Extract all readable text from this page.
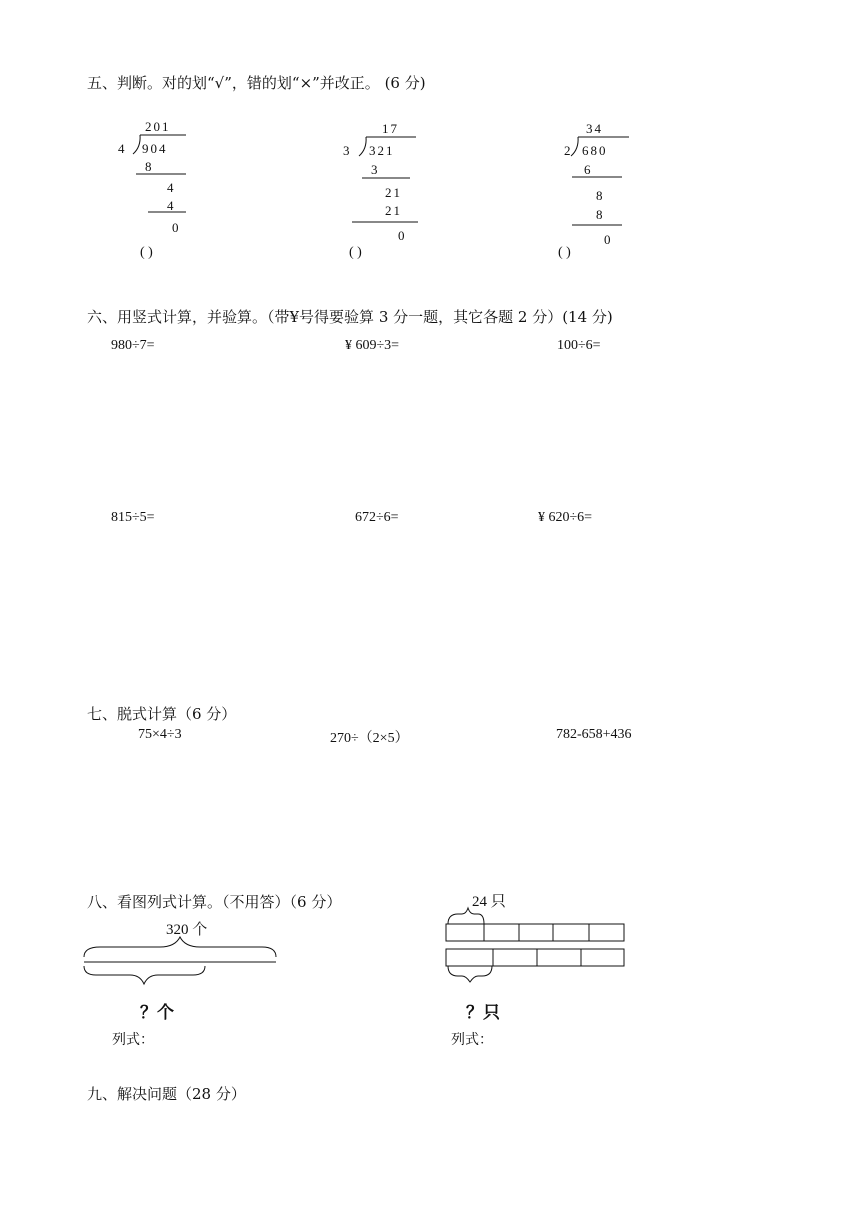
五、判断。对的划“√”，错的划“×”并改正。 (6 分)
201
4 904
8
4
4
0
( )
17
3 321
3
21
21
0
( )
34
2 680
6
8
8
0
( )
六、用竖式计算，并验算。（带¥号得要验算 3 分一题，其它各题 2 分）(14 分)
980÷7=	¥ 609÷3=	100÷6=
815÷5=	672÷6=	¥ 620÷6=
七、脱式计算（6 分）
75×4÷3	270÷（2×5）	782-658+436
八、看图列式计算。（不用答）（6 分）
320 个
？个
列式：
24 只
？只
列式：
九、解决问题（28 分）
